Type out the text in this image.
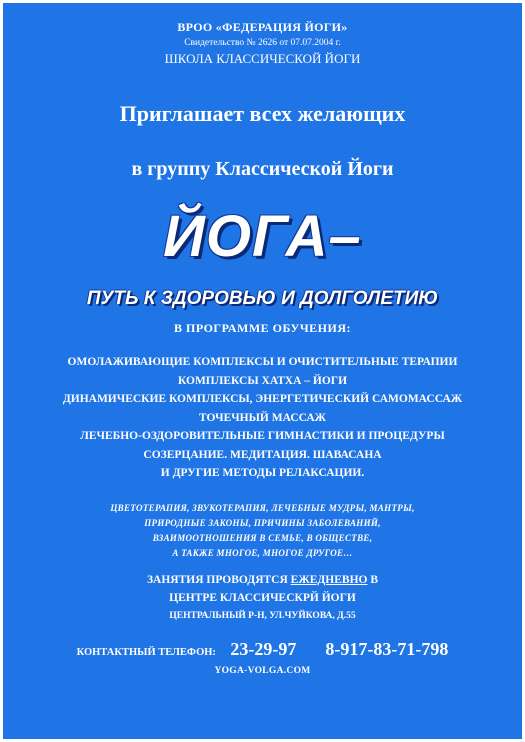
ВРОО «ФЕДЕРАЦИЯ ЙОГИ»
Свидетельство № 2626 от 07.07.2004 г.
ШКОЛА КЛАССИЧЕСКОЙ ЙОГИ
Приглашает всех желающих
в группу Классической Йоги
ЙОГА–
ПУТЬ К ЗДОРОВЬЮ И ДОЛГОЛЕТИЮ
В ПРОГРАММЕ ОБУЧЕНИЯ:
ОМОЛАЖИВАЮЩИЕ КОМПЛЕКСЫ И ОЧИСТИТЕЛЬНЫЕ ТЕРАПИИ
КОМПЛЕКСЫ ХАТХА – ЙОГИ
ДИНАМИЧЕСКИЕ КОМПЛЕКСЫ, ЭНЕРГЕТИЧЕСКИЙ САМОМАССАЖ
ТОЧЕЧНЫЙ МАССАЖ
ЛЕЧЕБНО-ОЗДОРОВИТЕЛЬНЫЕ ГИМНАСТИКИ И ПРОЦЕДУРЫ
СОЗЕРЦАНИЕ. МЕДИТАЦИЯ. ШАВАСАНА
И ДРУГИЕ МЕТОДЫ РЕЛАКСАЦИИ.
ЦВЕТОТЕРАПИЯ, ЗВУКОТЕРАПИЯ, ЛЕЧЕБНЫЕ МУДРЫ, МАНТРЫ,
ПРИРОДНЫЕ ЗАКОНЫ, ПРИЧИНЫ ЗАБОЛЕВАНИЙ,
ВЗАИМООТНОШЕНИЯ В СЕМЬЕ, В ОБЩЕСТВЕ,
А ТАКЖЕ МНОГОЕ, МНОГОЕ ДРУГОЕ…
ЗАНЯТИЯ ПРОВОДЯТСЯ ЕЖЕДНЕВНО В
ЦЕНТРЕ КЛАССИЧЕСКРЙ ЙОГИ
ЦЕНТРАЛЬНЫЙ Р-Н, УЛ.ЧУЙКОВА, Д.55
КОНТАКТНЫЙ ТЕЛЕФОН: 23-29-97 8-917-83-71-798
YOGA-VOLGA.COM
